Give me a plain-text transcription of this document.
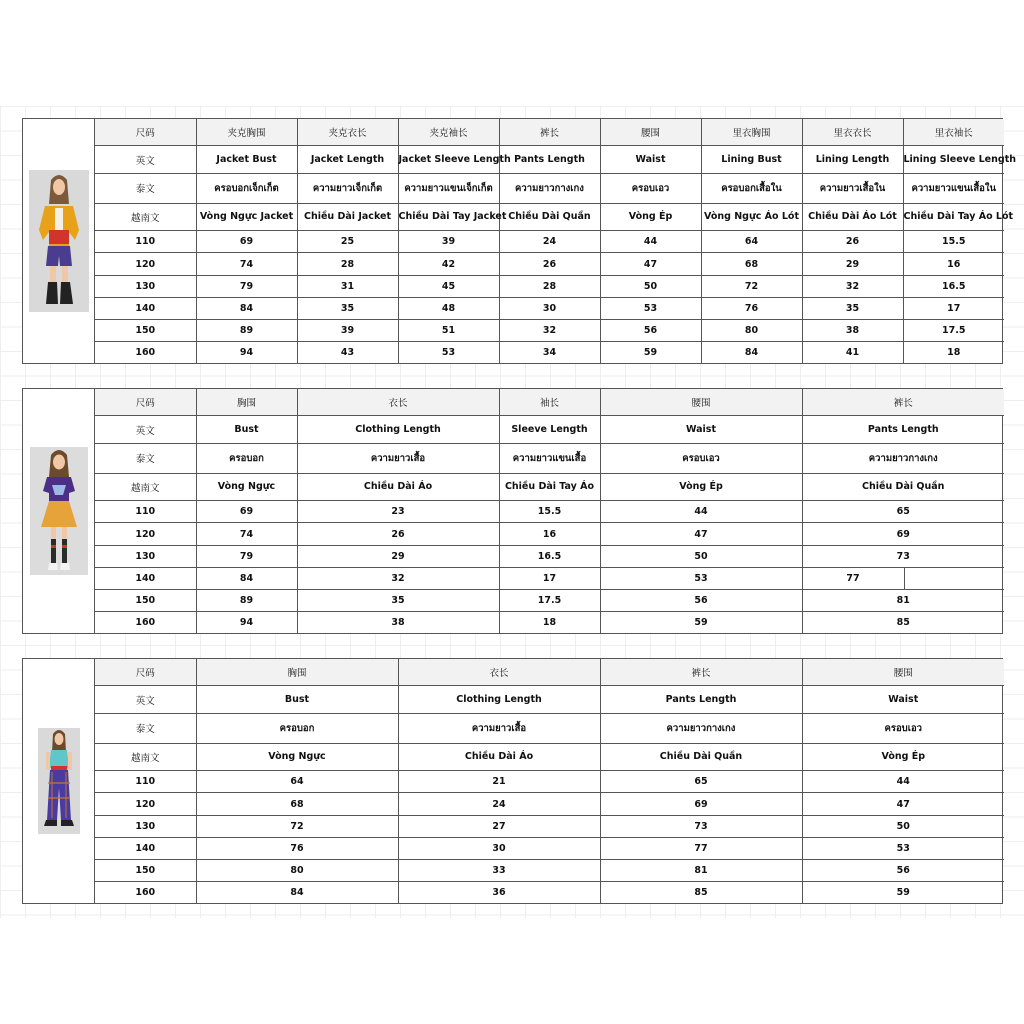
尺码	夹克胸围	夹克衣长	夹克袖长	裤长	腰围	里衣胸围	里衣衣长	里衣袖长
英文	Jacket Bust	Jacket Length	Jacket Sleeve Length	Pants Length	Waist	Lining Bust	Lining Length	Lining Sleeve Length
泰文	ครอบอกเจ็กเก็ต	ความยาวเจ็กเก็ต	ความยาวแขนเจ็กเก็ต	ความยาวกางเกง	ครอบเอว	ครอบอกเสื้อใน	ความยาวเสื้อใน	ความยาวแขนเสื้อใน
越南文	Vòng Ngực Jacket	Chiều Dài Jacket	Chiều Dài Tay Jacket	Chiều Dài Quần	Vòng Ép	Vòng Ngực Áo Lót	Chiều Dài Áo Lót	Chiều Dài Tay Áo Lót
110	69	25	39	24	44	64	26	15.5
120	74	28	42	26	47	68	29	16
130	79	31	45	28	50	72	32	16.5
140	84	35	48	30	53	76	35	17
150	89	39	51	32	56	80	38	17.5
160	94	43	53	34	59	84	41	18
尺码	胸围	衣长	袖长	腰围	裤长
英文	Bust	Clothing Length	Sleeve Length	Waist	Pants Length
泰文	ครอบอก	ความยาวเสื้อ	ความยาวแขนเสื้อ	ครอบเอว	ความยาวกางเกง
越南文	Vòng Ngực	Chiều Dài Áo	Chiều Dài Tay Áo	Vòng Ép	Chiều Dài Quần
110	69	23	15.5	44	65
120	74	26	16	47	69
130	79	29	16.5	50	73
140	84	32	17	53	77

150	89	35	17.5	56	81
160	94	38	18	59	85
尺码	胸围	衣长	裤长	腰围
英文	Bust	Clothing Length	Pants Length	Waist
泰文	ครอบอก	ความยาวเสื้อ	ความยาวกางเกง	ครอบเอว
越南文	Vòng Ngực	Chiều Dài Áo	Chiều Dài Quần	Vòng Ép
110	64	21	65	44
120	68	24	69	47
130	72	27	73	50
140	76	30	77	53
150	80	33	81	56
160	84	36	85	59
